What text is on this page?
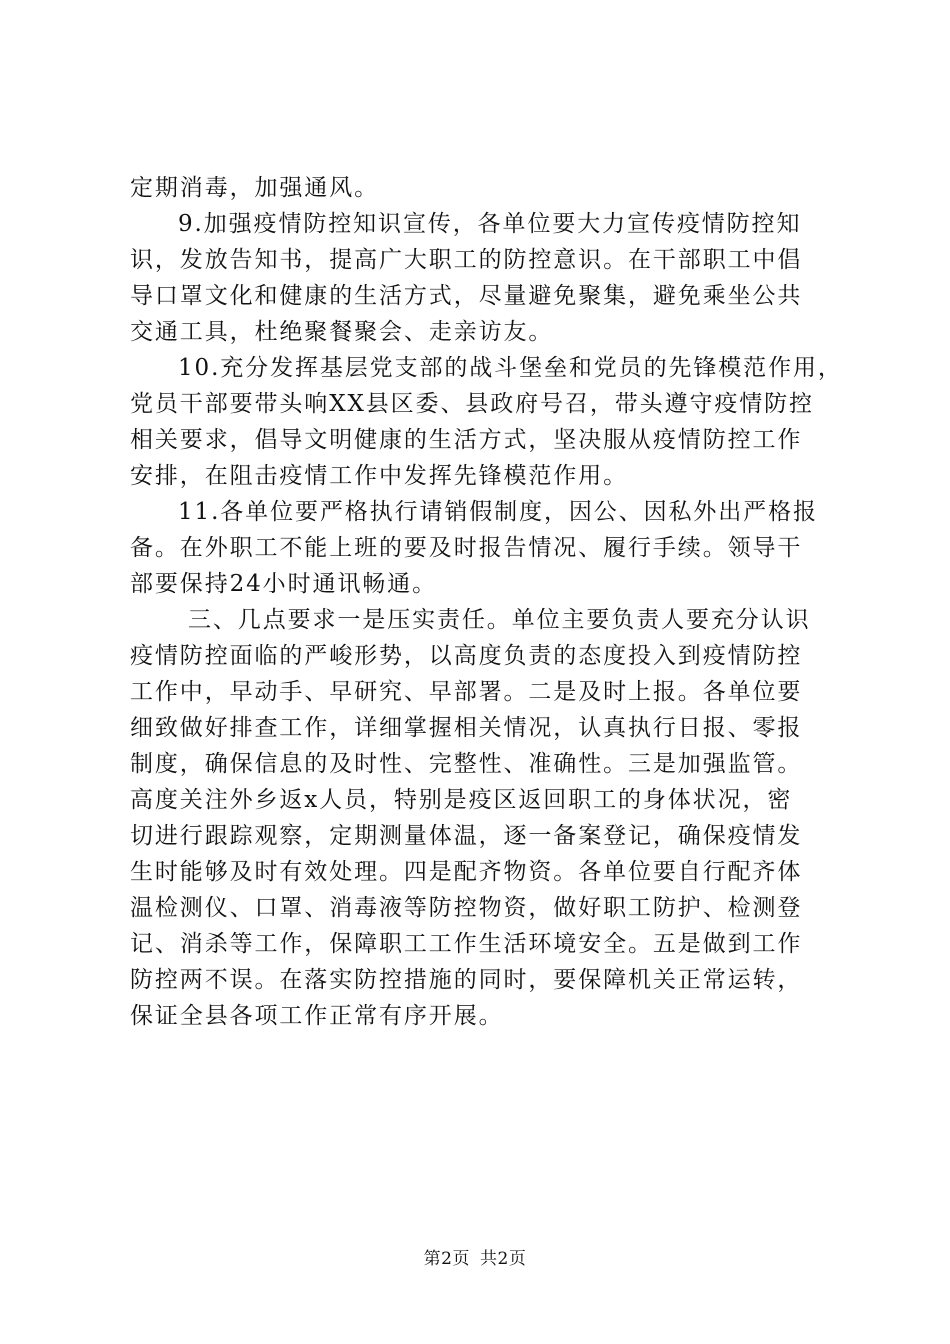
定期消毒，加强通风。
9.加强疫情防控知识宣传，各单位要大力宣传疫情防控知
识，发放告知书，提高广大职工的防控意识。在干部职工中倡
导口罩文化和健康的生活方式，尽量避免聚集，避免乘坐公共
交通工具，杜绝聚餐聚会、走亲访友。
10.充分发挥基层党支部的战斗堡垒和党员的先锋模范作用，
党员干部要带头响XX县区委、县政府号召，带头遵守疫情防控
相关要求，倡导文明健康的生活方式，坚决服从疫情防控工作
安排，在阻击疫情工作中发挥先锋模范作用。
11.各单位要严格执行请销假制度，因公、因私外出严格报
备。在外职工不能上班的要及时报告情况、履行手续。领导干
部要保持24小时通讯畅通。
三、几点要求一是压实责任。单位主要负责人要充分认识
疫情防控面临的严峻形势，以高度负责的态度投入到疫情防控
工作中，早动手、早研究、早部署。二是及时上报。各单位要
细致做好排查工作，详细掌握相关情况，认真执行日报、零报
制度，确保信息的及时性、完整性、准确性。三是加强监管。
高度关注外乡返x人员，特别是疫区返回职工的身体状况，密
切进行跟踪观察，定期测量体温，逐一备案登记，确保疫情发
生时能够及时有效处理。四是配齐物资。各单位要自行配齐体
温检测仪、口罩、消毒液等防控物资，做好职工防护、检测登
记、消杀等工作，保障职工工作生活环境安全。五是做到工作
防控两不误。在落实防控措施的同时，要保障机关正常运转，
保证全县各项工作正常有序开展。
第2页 共2页
